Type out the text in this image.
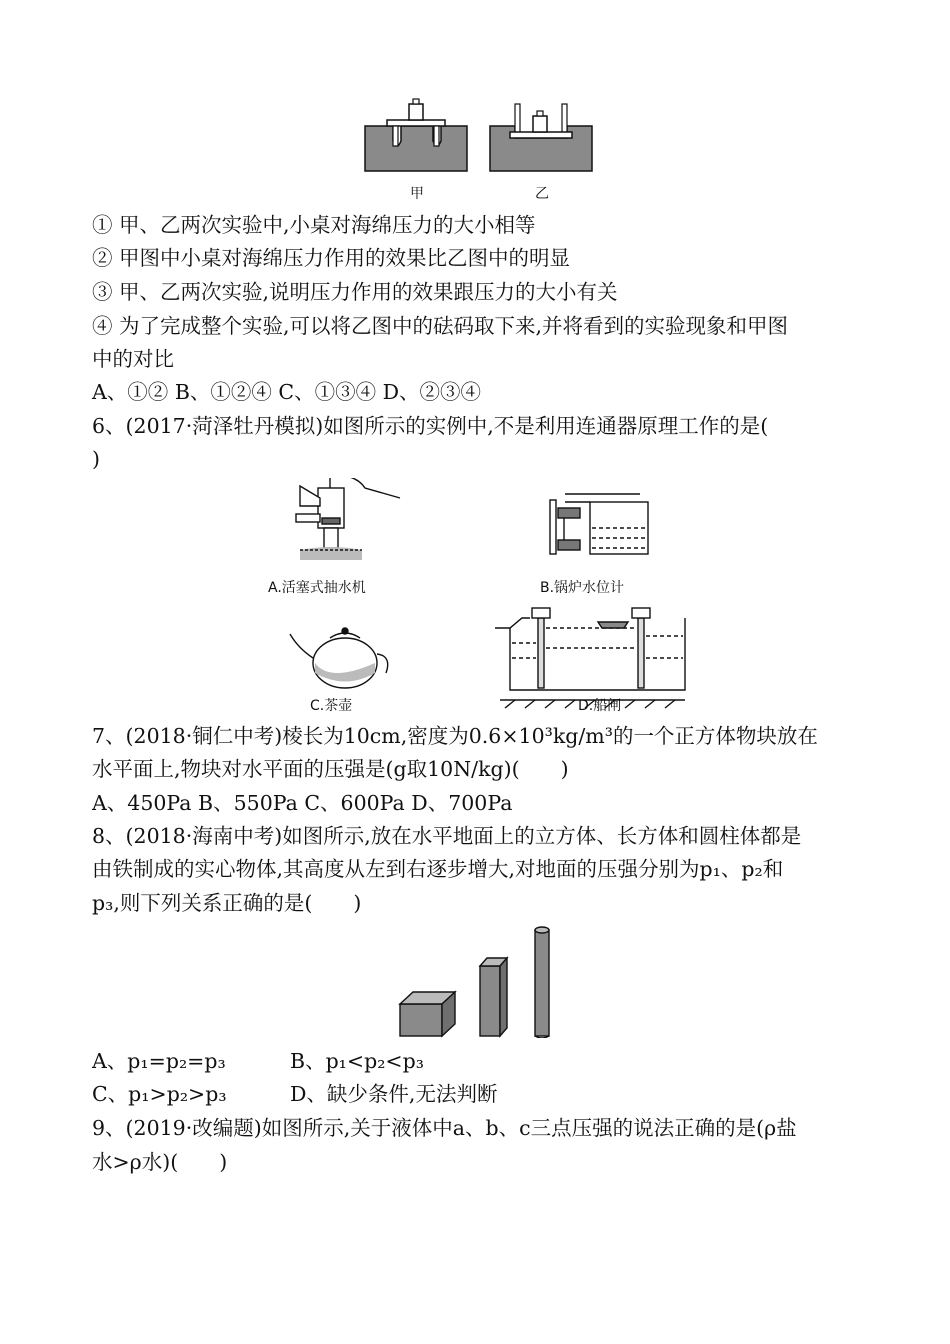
甲	乙
① 甲、乙两次实验中,小桌对海绵压力的大小相等
② 甲图中小桌对海绵压力作用的效果比乙图中的明显
③ 甲、乙两次实验,说明压力作用的效果跟压力的大小有关
④ 为了完成整个实验,可以将乙图中的砝码取下来,并将看到的实验现象和甲图
中的对比
A、①② B、①②④ C、①③④ D、②③④
6、(2017·菏泽牡丹模拟)如图所示的实例中,不是利用连通器原理工作的是(
)
A.活塞式抽水机	B.锅炉水位计
C.茶壶	D.船闸
7、(2018·铜仁中考)棱长为10cm,密度为0.6×10³kg/m³的一个正方体物块放在
水平面上,物块对水平面的压强是(g取10N/kg)(　　)
A、450Pa B、550Pa C、600Pa D、700Pa
8、(2018·海南中考)如图所示,放在水平地面上的立方体、长方体和圆柱体都是
由铁制成的实心物体,其高度从左到右逐步增大,对地面的压强分别为p₁、p₂和
p₃,则下列关系正确的是(　　)
A、p₁=p₂=p₃	B、p₁<p₂<p₃
C、p₁>p₂>p₃	D、缺少条件,无法判断
9、(2019·改编题)如图所示,关于液体中a、b、c三点压强的说法正确的是(ρ盐
水>ρ水)(　　)
